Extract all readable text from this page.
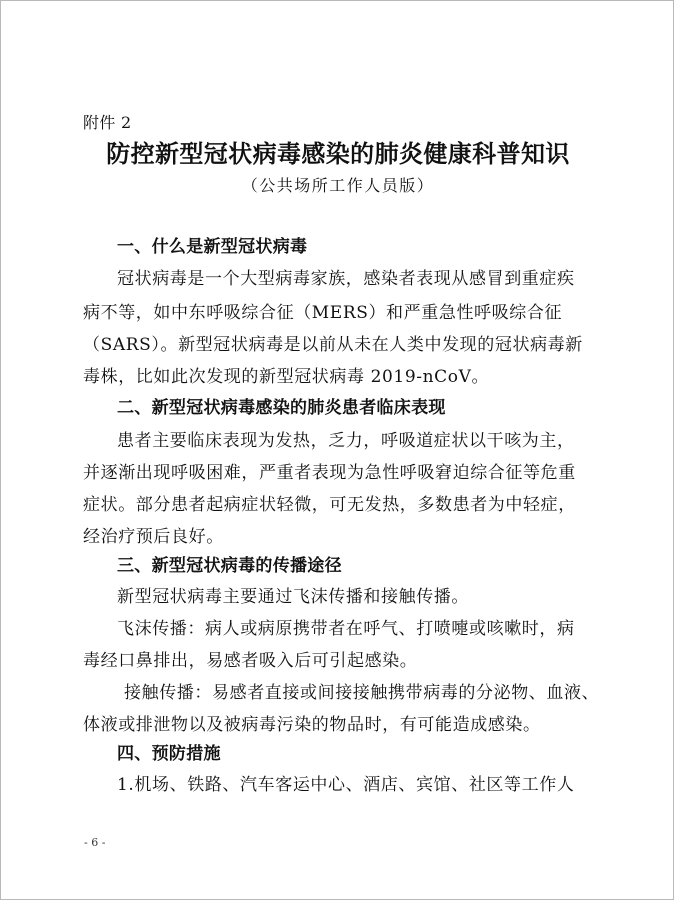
附件 2
防控新型冠状病毒感染的肺炎健康科普知识
（公共场所工作人员版）
一、什么是新型冠状病毒
冠状病毒是一个大型病毒家族，感染者表现从感冒到重症疾
病不等，如中东呼吸综合征（MERS）和严重急性呼吸综合征
（SARS）。新型冠状病毒是以前从未在人类中发现的冠状病毒新
毒株，比如此次发现的新型冠状病毒 2019-nCoV。
二、新型冠状病毒感染的肺炎患者临床表现
患者主要临床表现为发热，乏力，呼吸道症状以干咳为主，
并逐渐出现呼吸困难，严重者表现为急性呼吸窘迫综合征等危重
症状。部分患者起病症状轻微，可无发热，多数患者为中轻症，
经治疗预后良好。
三、新型冠状病毒的传播途径
新型冠状病毒主要通过飞沫传播和接触传播。
飞沫传播：病人或病原携带者在呼气、打喷嚏或咳嗽时，病
毒经口鼻排出，易感者吸入后可引起感染。
接触传播：易感者直接或间接接触携带病毒的分泌物、血液、
体液或排泄物以及被病毒污染的物品时，有可能造成感染。
四、预防措施
1.机场、铁路、汽车客运中心、酒店、宾馆、社区等工作人
- 6 -
